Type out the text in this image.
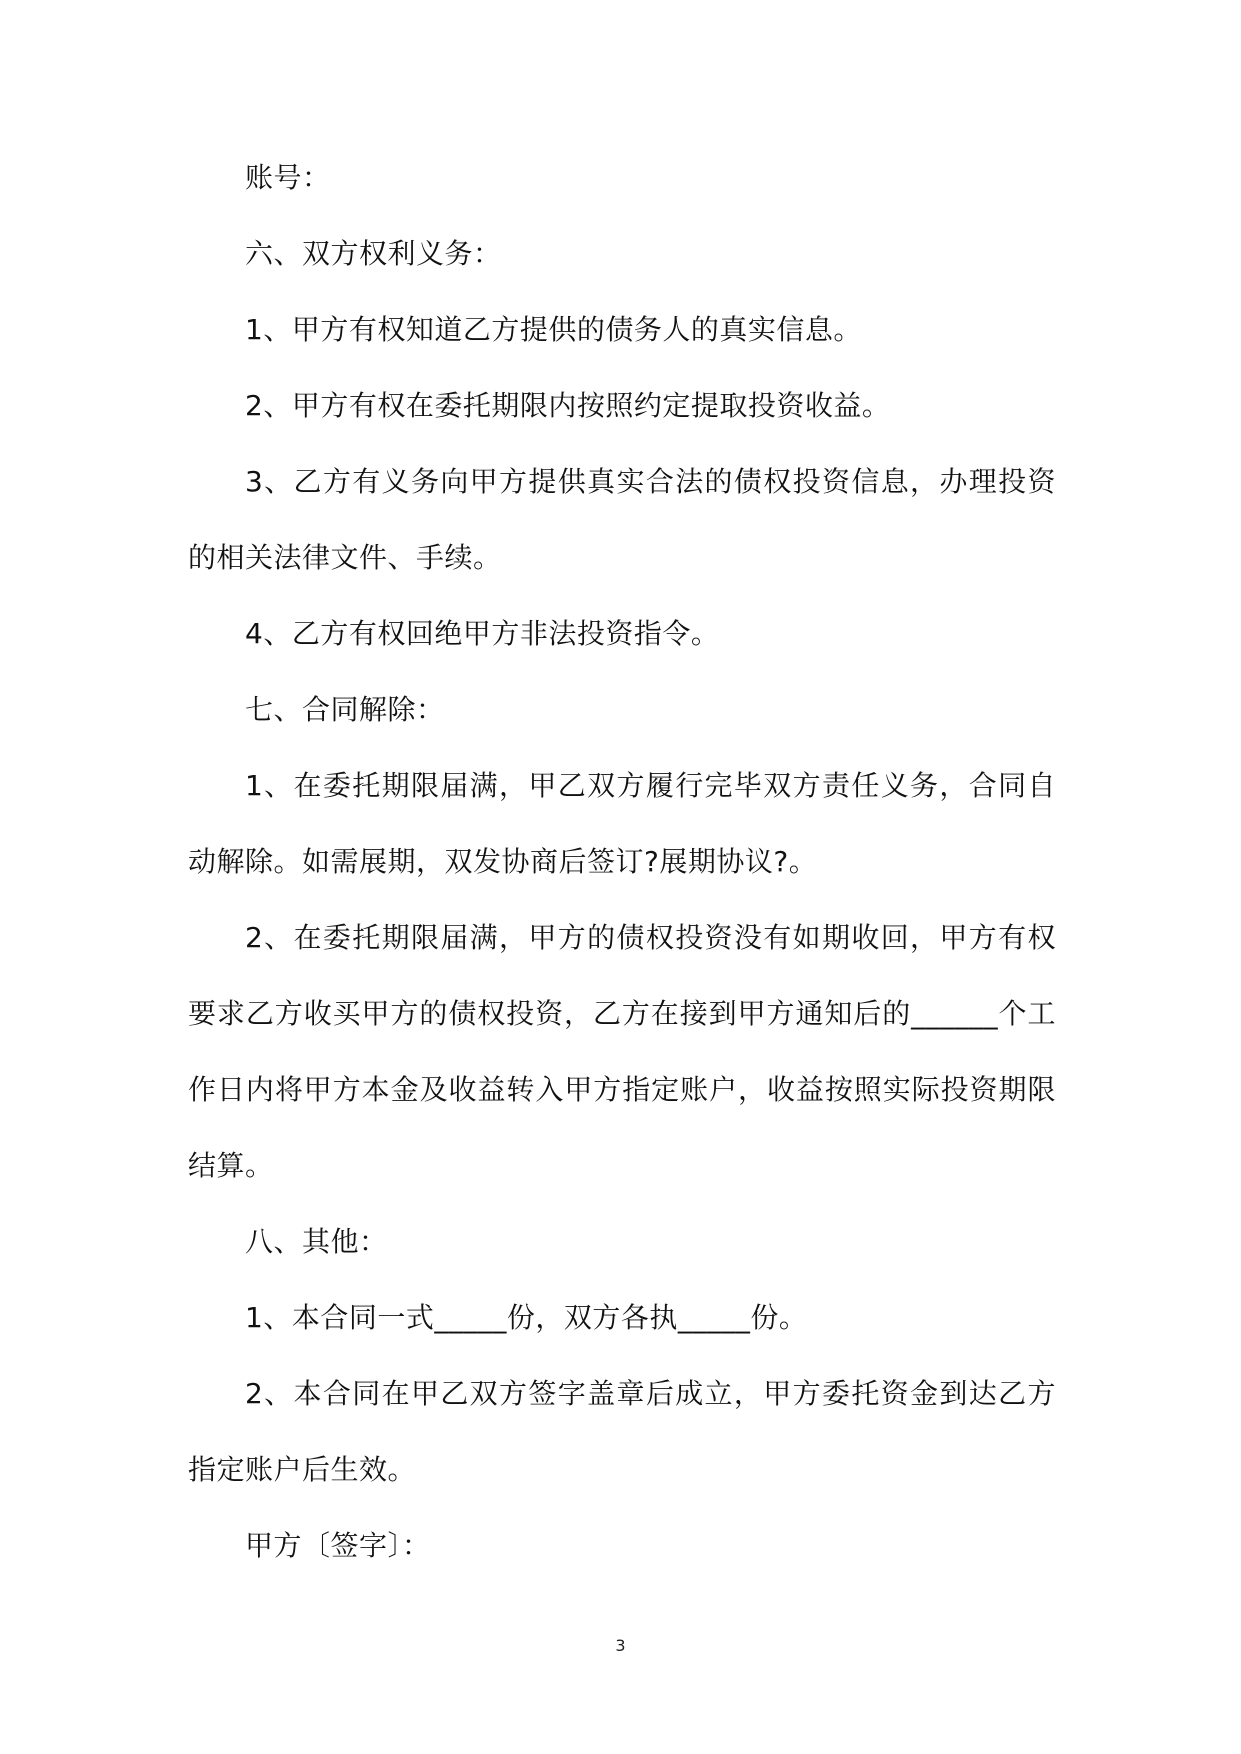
账号：

六、双方权利义务：

1、甲方有权知道乙方提供的债务人的真实信息。

2、甲方有权在委托期限内按照约定提取投资收益。

3、乙方有义务向甲方提供真实合法的债权投资信息，办理投资的相关法律文件、手续。

4、乙方有权回绝甲方非法投资指令。

七、合同解除：

1、在委托期限届满，甲乙双方履行完毕双方责任义务，合同自动解除。如需展期，双发协商后签订?展期协议?。

2、在委托期限届满，甲方的债权投资没有如期收回，甲方有权要求乙方收买甲方的债权投资，乙方在接到甲方通知后的______个工作日内将甲方本金及收益转入甲方指定账户，收益按照实际投资期限结算。

八、其他：

1、本合同一式_____份，双方各执_____份。

2、本合同在甲乙双方签字盖章后成立，甲方委托资金到达乙方指定账户后生效。

甲方〔签字〕：

3
